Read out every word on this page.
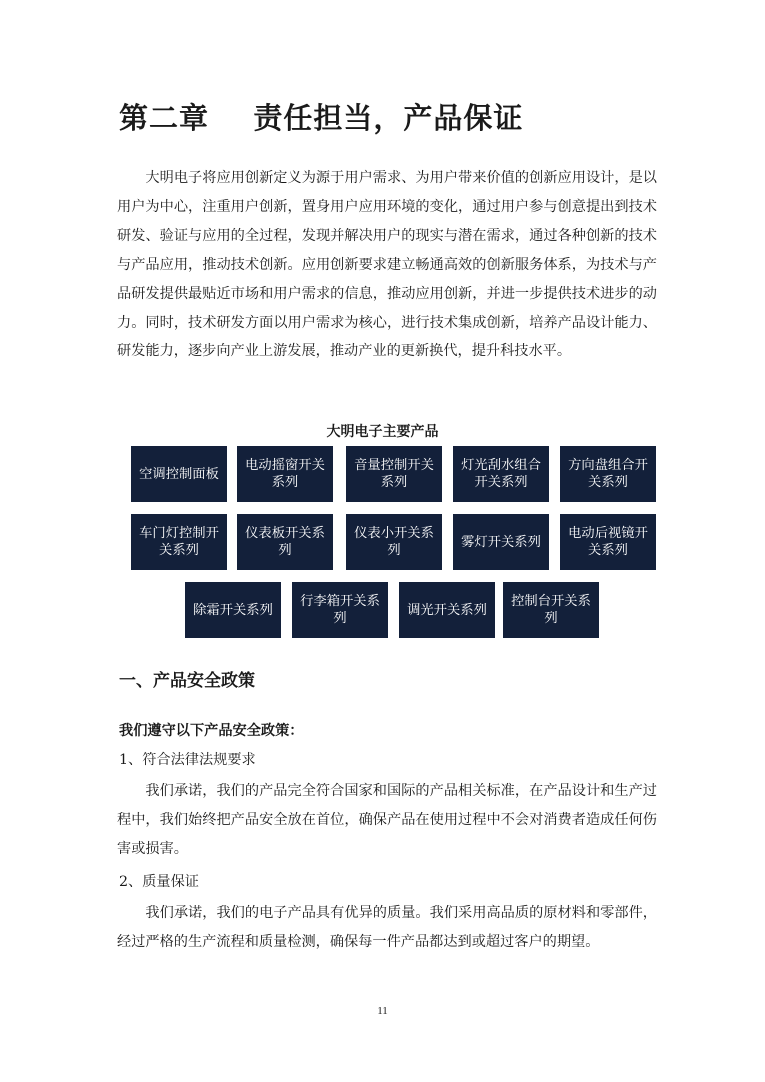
第二章    责任担当，产品保证

大明电子将应用创新定义为源于用户需求、为用户带来价值的创新应用设计，是以用户为中心，注重用户创新，置身用户应用环境的变化，通过用户参与创意提出到技术研发、验证与应用的全过程，发现并解决用户的现实与潜在需求，通过各种创新的技术与产品应用，推动技术创新。应用创新要求建立畅通高效的创新服务体系，为技术与产品研发提供最贴近市场和用户需求的信息，推动应用创新，并进一步提供技术进步的动力。同时，技术研发方面以用户需求为核心，进行技术集成创新，培养产品设计能力、研发能力，逐步向产业上游发展，推动产业的更新换代，提升科技水平。

大明电子主要产品
空调控制面板
电动摇窗开关系列
音量控制开关系列
灯光刮水组合开关系列
方向盘组合开关系列
车门灯控制开关系列
仪表板开关系列
仪表小开关系列
雾灯开关系列
电动后视镜开关系列
除霜开关系列
行李箱开关系列
调光开关系列
控制台开关系列
一、产品安全政策
我们遵守以下产品安全政策：
1、符合法律法规要求

我们承诺，我们的产品完全符合国家和国际的产品相关标准，在产品设计和生产过程中，我们始终把产品安全放在首位，确保产品在使用过程中不会对消费者造成任何伤害或损害。

2、质量保证

我们承诺，我们的电子产品具有优异的质量。我们采用高品质的原材料和零部件，经过严格的生产流程和质量检测，确保每一件产品都达到或超过客户的期望。

11
